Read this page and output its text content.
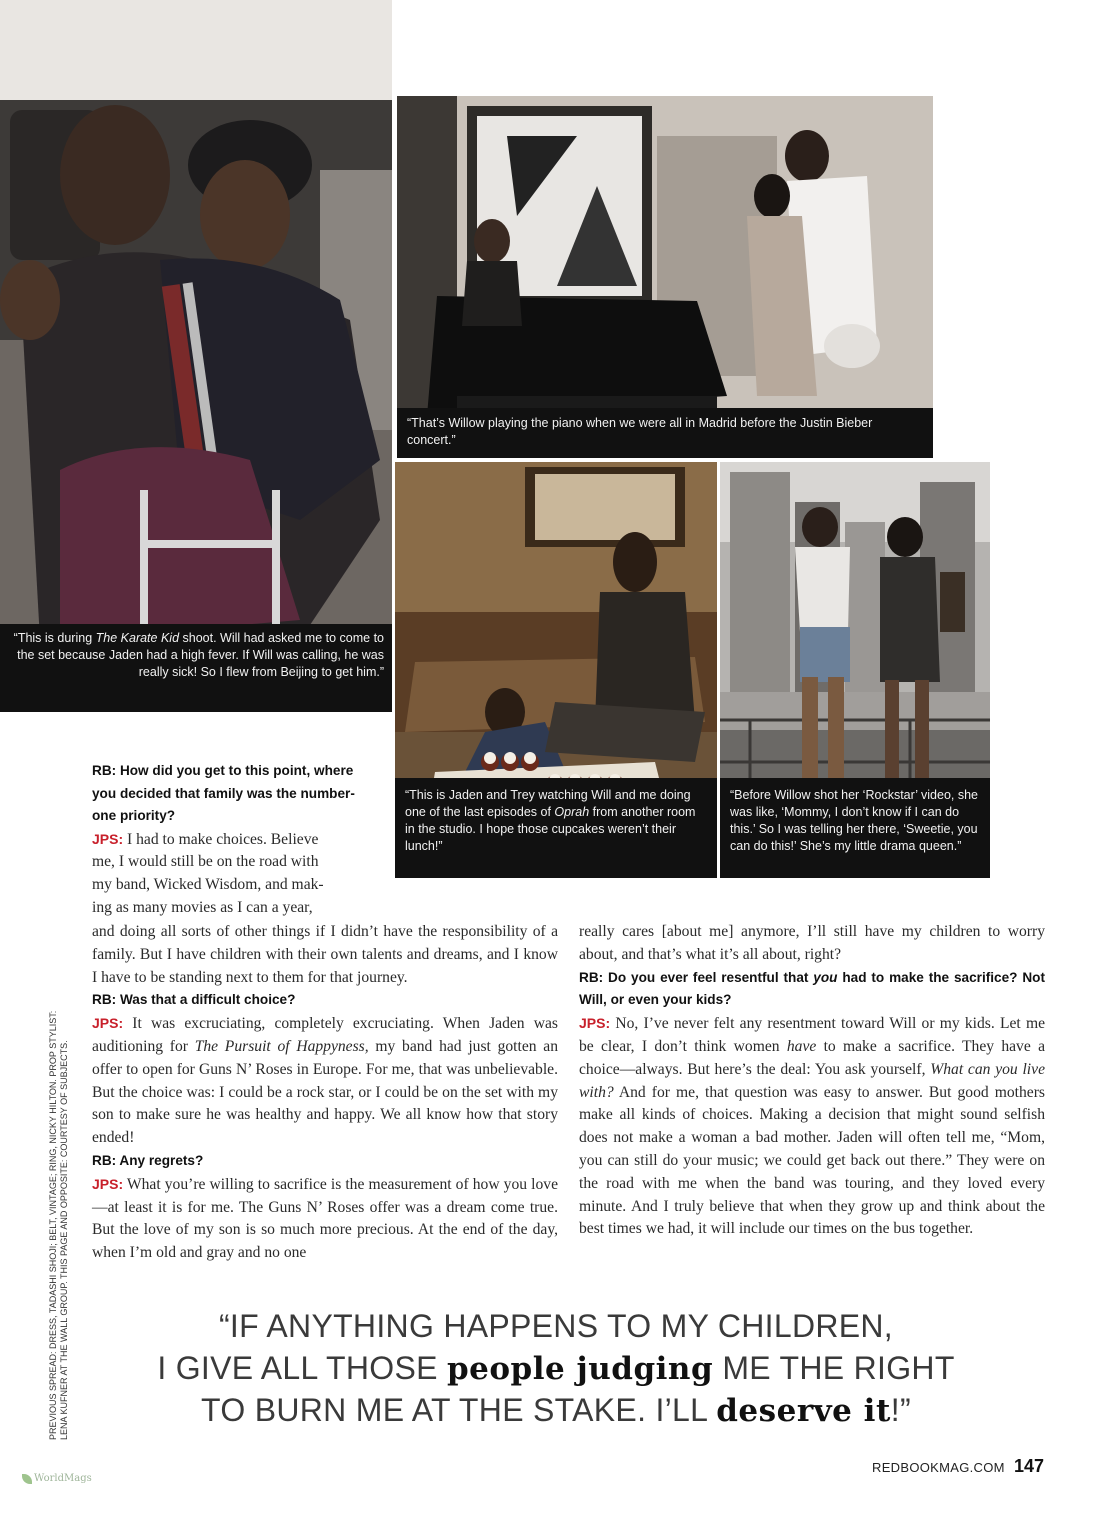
“This is during The Karate Kid shoot. Will had asked me to come to the set because Jaden had a high fever. If Will was calling, he was really sick! So I flew from Beijing to get him.”

“That’s Willow playing the piano when we were all in Madrid before the Justin Bieber concert.”

“This is Jaden and Trey watching Will and me doing one of the last episodes of Oprah from another room in the studio. I hope those cupcakes weren’t their lunch!”

“Before Willow shot her ‘Rockstar’ video, she was like, ‘Mommy, I don’t know if I can do this.’ So I was telling her there, ‘Sweetie, you can do this!’ She’s my little drama queen.”

RB: How did you get to this point, where you decided that family was the number-one priority?

JPS: I had to make choices. Believe
me, I would still be on the road with
my band, Wicked Wisdom, and mak-
ing as many movies as I can a year,

and doing all sorts of other things if I didn’t have the responsibility of a family. But I have children with their own talents and dreams, and I know I have to be standing next to them for that journey.

RB: Was that a difficult choice?

JPS: It was excruciating, completely excruciating. When Jaden was auditioning for The Pursuit of Happyness, my band had just gotten an offer to open for Guns N’ Roses in Europe. For me, that was unbelievable. But the choice was: I could be a rock star, or I could be on the set with my son to make sure he was healthy and happy. We all know how that story ended!

RB: Any regrets?

JPS: What you’re willing to sacrifice is the measurement of how you love—at least it is for me. The Guns N’ Roses offer was a dream come true. But the love of my son is so much more precious. At the end of the day, when I’m old and gray and no one

really cares [about me] anymore, I’ll still have my children to worry about, and that’s what it’s all about, right?

RB: Do you ever feel resentful that you had to make the sacrifice? Not Will, or even your kids?

JPS: No, I’ve never felt any resentment toward Will or my kids. Let me be clear, I don’t think women have to make a sacrifice. They have a choice—always. But here’s the deal: You ask yourself, What can you live with? And for me, that question was easy to answer. But good mothers make all kinds of choices. Making a decision that might sound selfish does not make a woman a bad mother. Jaden will often tell me, “Mom, you can still do your music; we could get back out there.” They were on the road with me when the band was touring, and they loved every minute. And I truly believe that when they grow up and think about the best times we had, it will include our times on the bus together.

“IF ANYTHING HAPPENS TO MY CHILDREN,
I GIVE ALL THOSE people judging ME THE RIGHT
TO BURN ME AT THE STAKE. I’LL deserve it!”
PREVIOUS SPREAD: DRESS, TADASHI SHOJI; BELT, VINTAGE; RING, NICKY HILTON. PROP STYLIST: LENA KUFNER AT THE WALL GROUP. THIS PAGE AND OPPOSITE: COURTESY OF SUBJECTS.
WorldMags
REDBOOKMAG.COM 147
